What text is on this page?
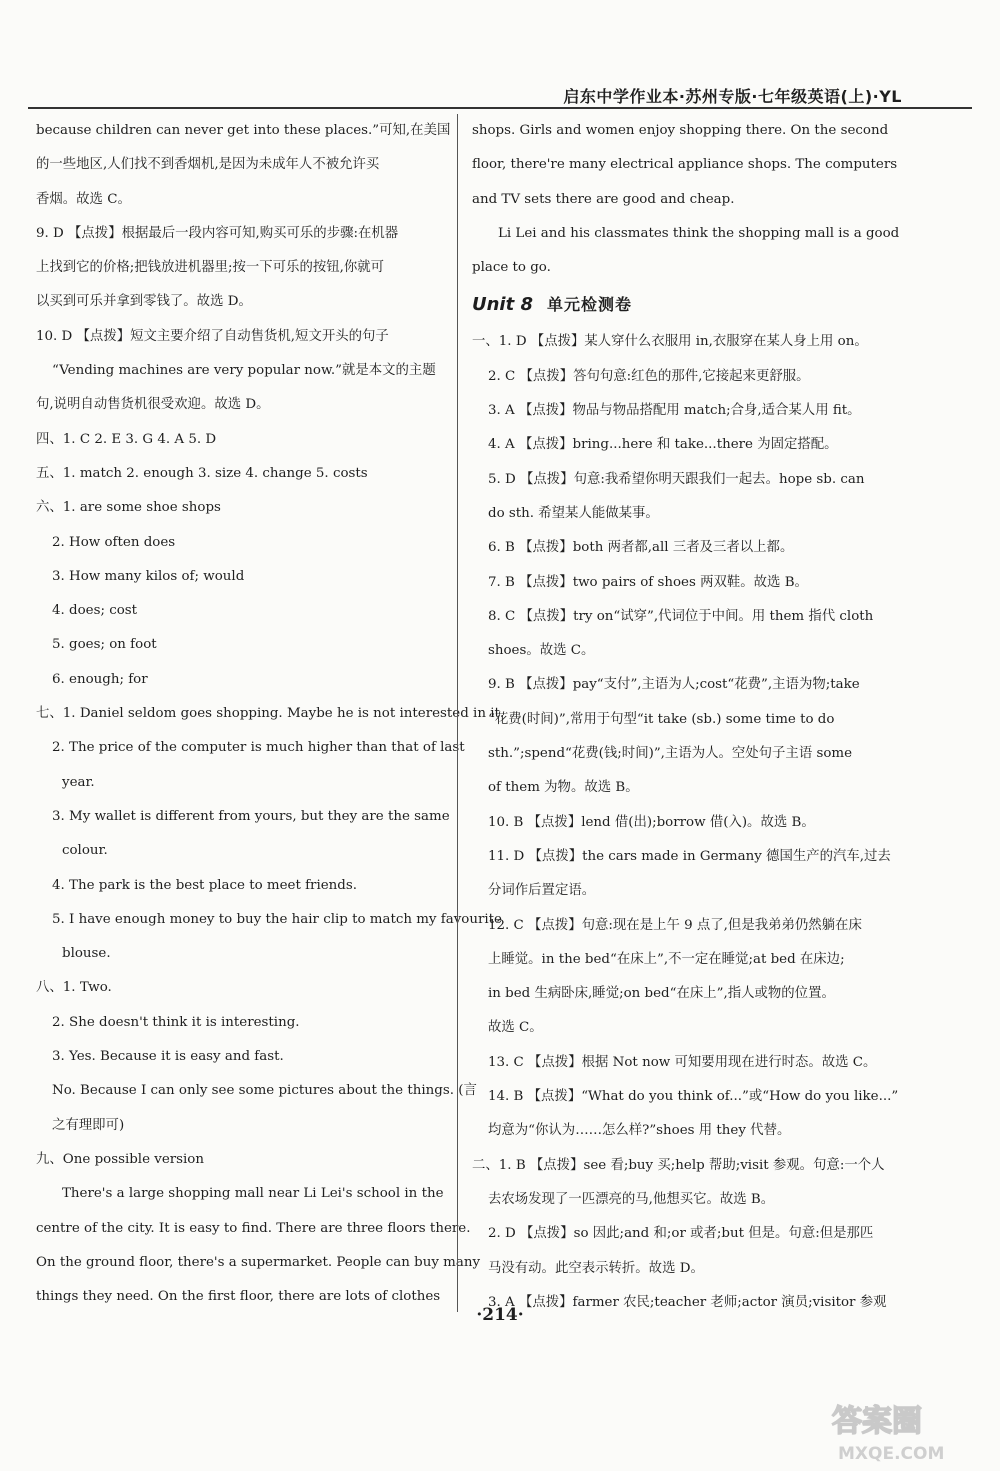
启东中学作业本·苏州专版·七年级英语(上)·YL
because children can never get into these places.”可知,在美国
的一些地区,人们找不到香烟机,是因为未成年人不被允许买
香烟。故选 C。
9. D 【点拨】根据最后一段内容可知,购买可乐的步骤:在机器
上找到它的价格;把钱放进机器里;按一下可乐的按钮,你就可
以买到可乐并拿到零钱了。故选 D。
10. D 【点拨】短文主要介绍了自动售货机,短文开头的句子
“Vending machines are very popular now.”就是本文的主题
句,说明自动售货机很受欢迎。故选 D。
四、1. C 2. E 3. G 4. A 5. D
五、1. match 2. enough 3. size 4. change 5. costs
六、1. are some shoe shops
2. How often does
3. How many kilos of; would
4. does; cost
5. goes; on foot
6. enough; for
七、1. Daniel seldom goes shopping. Maybe he is not interested in it.
2. The price of the computer is much higher than that of last
year.
3. My wallet is different from yours, but they are the same
colour.
4. The park is the best place to meet friends.
5. I have enough money to buy the hair clip to match my favourite
blouse.
八、1. Two.
2. She doesn't think it is interesting.
3. Yes. Because it is easy and fast.
No. Because I can only see some pictures about the things. (言
之有理即可)
九、One possible version
There's a large shopping mall near Li Lei's school in the
centre of the city. It is easy to find. There are three floors there.
On the ground floor, there's a supermarket. People can buy many
things they need. On the first floor, there are lots of clothes
shops. Girls and women enjoy shopping there. On the second
floor, there're many electrical appliance shops. The computers
and TV sets there are good and cheap.
Li Lei and his classmates think the shopping mall is a good
place to go.
Unit 8 单元检测卷
一、1. D 【点拨】某人穿什么衣服用 in,衣服穿在某人身上用 on。
2. C 【点拨】答句句意:红色的那件,它接起来更舒服。
3. A 【点拨】物品与物品搭配用 match;合身,适合某人用 fit。
4. A 【点拨】bring...here 和 take...there 为固定搭配。
5. D 【点拨】句意:我希望你明天跟我们一起去。hope sb. can
do sth. 希望某人能做某事。
6. B 【点拨】both 两者都,all 三者及三者以上都。
7. B 【点拨】two pairs of shoes 两双鞋。故选 B。
8. C 【点拨】try on“试穿”,代词位于中间。用 them 指代 cloth
shoes。故选 C。
9. B 【点拨】pay“支付”,主语为人;cost“花费”,主语为物;take
“花费(时间)”,常用于句型“it take (sb.) some time to do
sth.”;spend“花费(钱;时间)”,主语为人。空处句子主语 some
of them 为物。故选 B。
10. B 【点拨】lend 借(出);borrow 借(入)。故选 B。
11. D 【点拨】the cars made in Germany 德国生产的汽车,过去
分词作后置定语。
12. C 【点拨】句意:现在是上午 9 点了,但是我弟弟仍然躺在床
上睡觉。in the bed“在床上”,不一定在睡觉;at bed 在床边;
in bed 生病卧床,睡觉;on bed“在床上”,指人或物的位置。
故选 C。
13. C 【点拨】根据 Not now 可知要用现在进行时态。故选 C。
14. B 【点拨】“What do you think of...”或“How do you like...”
均意为“你认为……怎么样?”shoes 用 they 代替。
二、1. B 【点拨】see 看;buy 买;help 帮助;visit 参观。句意:一个人
去农场发现了一匹漂亮的马,他想买它。故选 B。
2. D 【点拨】so 因此;and 和;or 或者;but 但是。句意:但是那匹
马没有动。此空表示转折。故选 D。
3. A 【点拨】farmer 农民;teacher 老师;actor 演员;visitor 参观
·214·
答案圈
MXQE.COM
